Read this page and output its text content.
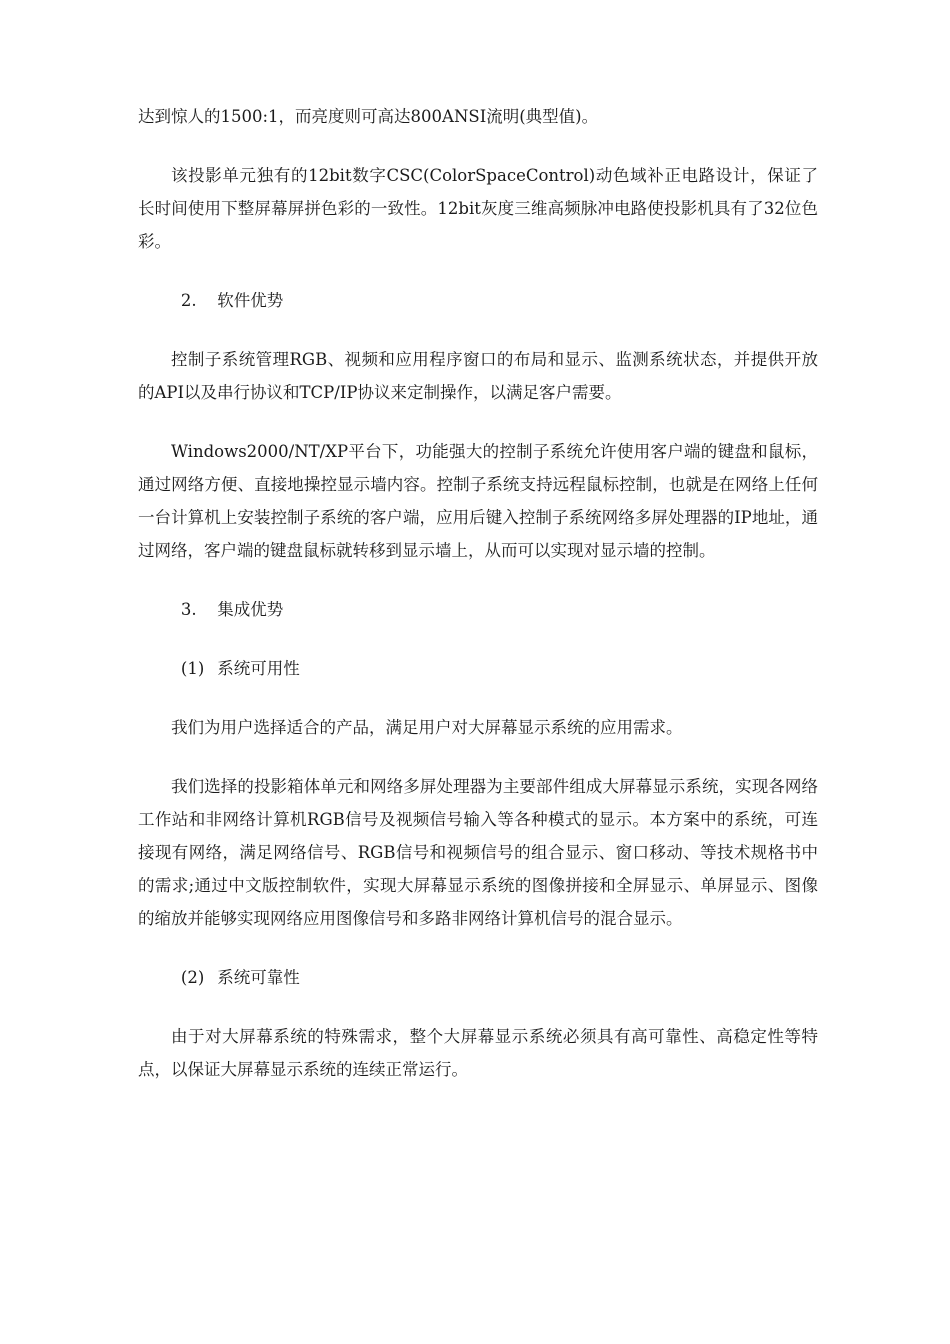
达到惊人的1500:1，而亮度则可高达800ANSI流明(典型值)。

该投影单元独有的12bit数字CSC(ColorSpaceControl)动色域补正电路设计，保证了长时间使用下整屏幕屏拼色彩的一致性。12bit灰度三维高频脉冲电路使投影机具有了32位色彩。

2. 软件优势

控制子系统管理RGB、视频和应用程序窗口的布局和显示、监测系统状态，并提供开放的API以及串行协议和TCP/IP协议来定制操作，以满足客户需要。

Windows2000/NT/XP平台下，功能强大的控制子系统允许使用客户端的键盘和鼠标，通过网络方便、直接地操控显示墙内容。控制子系统支持远程鼠标控制，也就是在网络上任何一台计算机上安装控制子系统的客户端，应用后键入控制子系统网络多屏处理器的IP地址，通过网络，客户端的键盘鼠标就转移到显示墙上，从而可以实现对显示墙的控制。

3. 集成优势
(1) 系统可用性

我们为用户选择适合的产品，满足用户对大屏幕显示系统的应用需求。

我们选择的投影箱体单元和网络多屏处理器为主要部件组成大屏幕显示系统，实现各网络工作站和非网络计算机RGB信号及视频信号输入等各种模式的显示。本方案中的系统，可连接现有网络，满足网络信号、RGB信号和视频信号的组合显示、窗口移动、等技术规格书中的需求;通过中文版控制软件，实现大屏幕显示系统的图像拼接和全屏显示、单屏显示、图像的缩放并能够实现网络应用图像信号和多路非网络计算机信号的混合显示。

(2) 系统可靠性

由于对大屏幕系统的特殊需求，整个大屏幕显示系统必须具有高可靠性、高稳定性等特点，以保证大屏幕显示系统的连续正常运行。
